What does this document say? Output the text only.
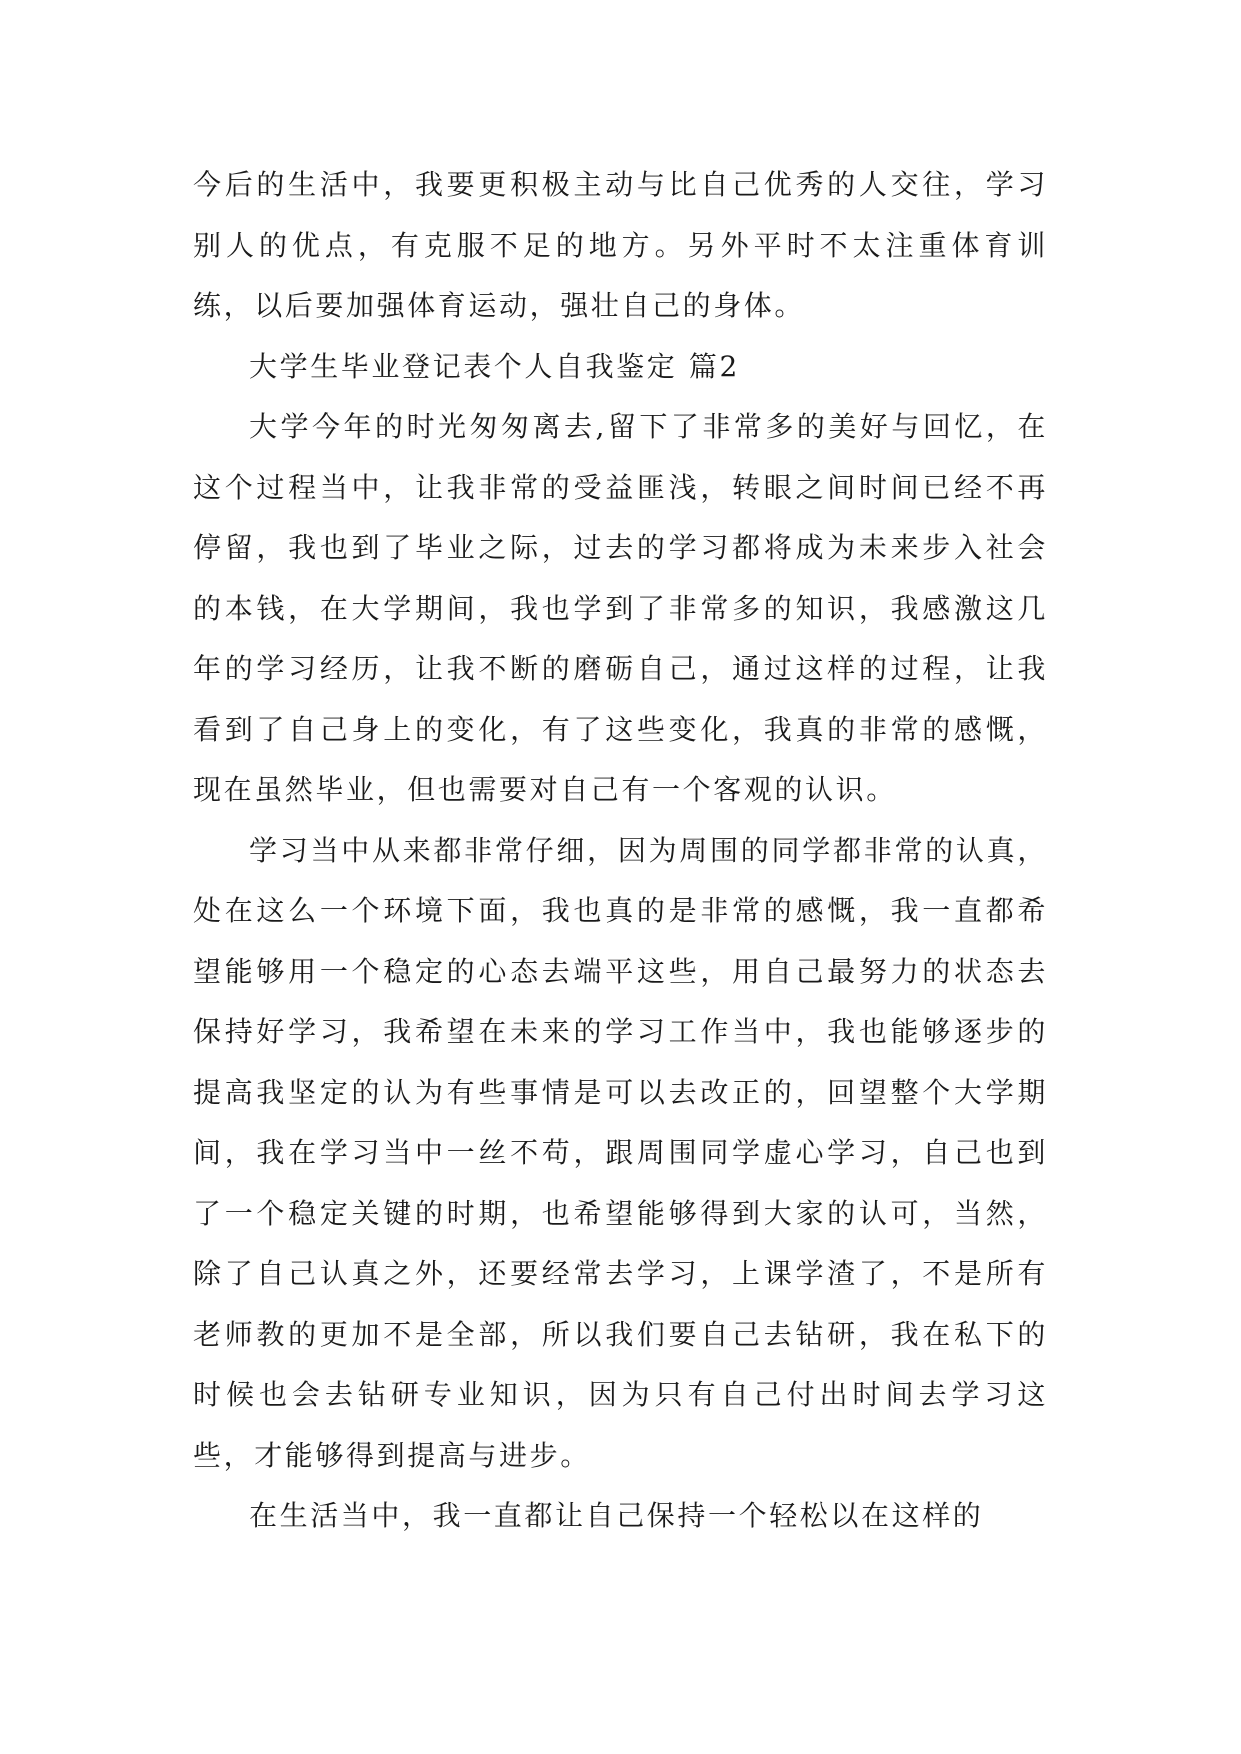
今后的生活中，我要更积极主动与比自己优秀的人交往，学习别人的优点，有克服不足的地方。另外平时不太注重体育训练，以后要加强体育运动，强壮自己的身体。

大学生毕业登记表个人自我鉴定 篇2

大学今年的时光匆匆离去,留下了非常多的美好与回忆，在这个过程当中，让我非常的受益匪浅，转眼之间时间已经不再停留，我也到了毕业之际，过去的学习都将成为未来步入社会的本钱，在大学期间，我也学到了非常多的知识，我感激这几年的学习经历，让我不断的磨砺自己，通过这样的过程，让我看到了自己身上的变化，有了这些变化，我真的非常的感慨，现在虽然毕业，但也需要对自己有一个客观的认识。

学习当中从来都非常仔细，因为周围的同学都非常的认真，处在这么一个环境下面，我也真的是非常的感慨，我一直都希望能够用一个稳定的心态去端平这些，用自己最努力的状态去保持好学习，我希望在未来的学习工作当中，我也能够逐步的提高我坚定的认为有些事情是可以去改正的，回望整个大学期间，我在学习当中一丝不苟，跟周围同学虚心学习，自己也到了一个稳定关键的时期，也希望能够得到大家的认可，当然，除了自己认真之外，还要经常去学习，上课学渣了，不是所有老师教的更加不是全部，所以我们要自己去钻研，我在私下的时候也会去钻研专业知识，因为只有自己付出时间去学习这些，才能够得到提高与进步。

在生活当中，我一直都让自己保持一个轻松以在这样的
